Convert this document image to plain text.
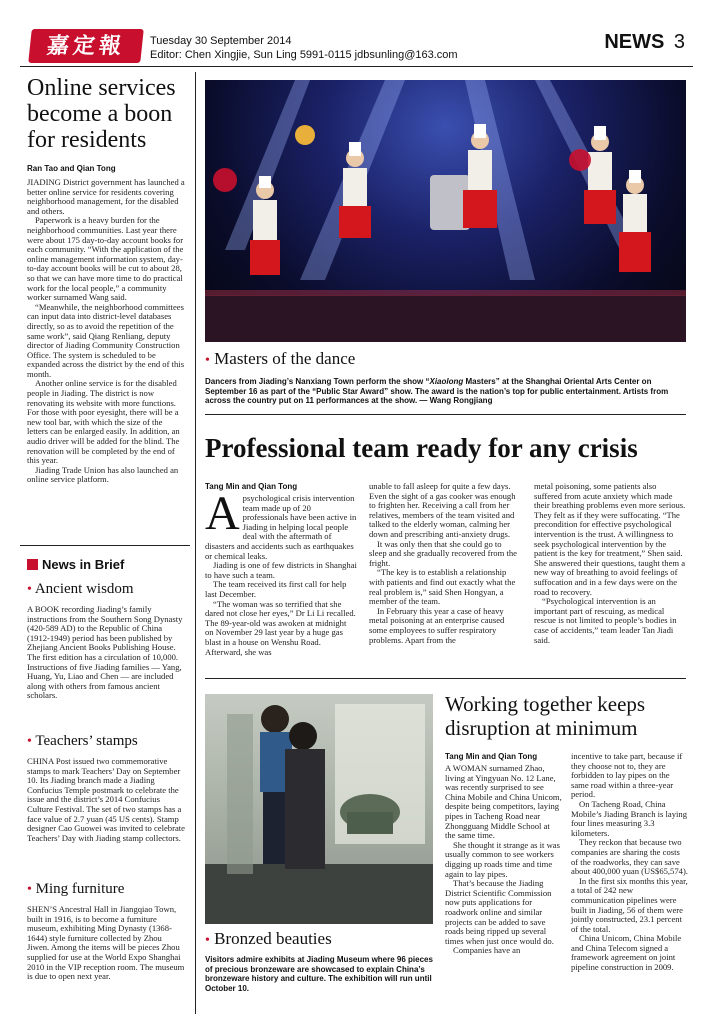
嘉定報	Tuesday 30 September 2014
Editor: Chen Xingjie, Sun Ling 5991-0115 jdbsunling@163.com
NEWS 3
Online services become a boon for residents
Ran Tao and Qian Tong

JIADING District government has launched a better online service for residents covering neighborhood management, for the disabled and others.

Paperwork is a heavy burden for the neighborhood communities. Last year there were about 175 day-to-day account books for each community. “With the application of the online management information system, day-to-day account books will be cut to about 28, so that we can have more time to do practical work for the local people,” a community worker surnamed Wang said.

“Meanwhile, the neighborhood committees can input data into district-level databases directly, so as to avoid the repetition of the same work”, said Qiang Renliang, deputy director of Jiading Community Construction Office. The system is scheduled to be expanded across the district by the end of this month.

Another online service is for the disabled people in Jiading. The district is now renovating its website with more functions. For those with poor eyesight, there will be a new tool bar, with which the size of the letters can be enlarged easily. In addition, an audio driver will be added for the blind. The renovation will be completed by the end of this year.

Jiading Trade Union has also launched an online service platform.

News in Brief
• Ancient wisdom
A BOOK recording Jiading’s family instructions from the Southern Song Dynasty (420-589 AD) to the Republic of China (1912-1949) period has been published by Zhejiang Ancient Books Publishing House. The first edition has a circulation of 10,000. Instructions of five Jiading families — Yang, Huang, Yu, Liao and Chen — are included along with others from famous ancient scholars.
• Teachers’ stamps
CHINA Post issued two commemorative stamps to mark Teachers’ Day on September 10. Its Jiading branch made a Jiading Confucius Temple postmark to celebrate the issue and the district’s 2014 Confucius Culture Festival. The set of two stamps has a face value of 2.7 yuan (45 US cents). Stamp designer Cao Guowei was invited to celebrate Teachers’ Day with Jiading stamp collectors.
• Ming furniture
SHEN’S Ancestral Hall in Jiangqiao Town, built in 1916, is to become a furniture museum, exhibiting Ming Dynasty (1368-1644) style furniture collected by Zhou Jiwen. Among the items will be pieces Zhou supplied for use at the World Expo Shanghai 2010 in the VIP reception room. The museum is due to open next year.
• Masters of the dance
Dancers from Jiading’s Nanxiang Town perform the show “Xiaolong Masters” at the Shanghai Oriental Arts Center on September 16 as part of the “Public Star Award” show. The award is the nation’s top for public entertainment. Artists from across the country put on 11 performances at the show. — Wang Rongjiang
Professional team ready for any crisis
Tang Min and Qian Tong

A psychological crisis intervention team made up of 20 professionals have been active in Jiading in helping local people deal with the aftermath of disasters and accidents such as earthquakes or chemical leaks.

Jiading is one of few districts in Shanghai to have such a team.

The team received its first call for help last December.

“The woman was so terrified that she dared not close her eyes,” Dr Li Li recalled. The 89-year-old was awoken at midnight on November 29 last year by a huge gas blast in a house on Wenshu Road. Afterward, she was

unable to fall asleep for quite a few days. Even the sight of a gas cooker was enough to frighten her. Receiving a call from her relatives, members of the team visited and talked to the elderly woman, calming her down and prescribing anti-anxiety drugs.

It was only then that she could go to sleep and she gradually recovered from the fright.

“The key is to establish a relationship with patients and find out exactly what the real problem is,” said Shen Hongyan, a member of the team.

In February this year a case of heavy metal poisoning at an enterprise caused some employees to suffer respiratory problems. Apart from the

metal poisoning, some patients also suffered from acute anxiety which made their breathing problems even more serious. They felt as if they were suffocating. “The precondition for effective psychological intervention is the trust. A willingness to seek psychological intervention by the patient is the key for treatment,” Shen said. She answered their questions, taught them a new way of breathing to avoid feelings of suffocation and in a few days were on the road to recovery.

“Psychological intervention is an important part of rescuing, as medical rescue is not limited to people’s bodies in case of accidents,” team leader Tan Jiadi said.

• Bronzed beauties
Visitors admire exhibits at Jiading Museum where 96 pieces of precious bronzeware are showcased to explain China’s bronzeware history and culture. The exhibition will run until October 10.
Working together keeps disruption at minimum
Tang Min and Qian Tong

A WOMAN surnamed Zhao, living at Yingyuan No. 12 Lane, was recently surprised to see China Mobile and China Unicom, despite being competitors, laying pipes in Tacheng Road near Zhongguang Middle School at the same time.

She thought it strange as it was usually common to see workers digging up roads time and time again to lay pipes.

That’s because the Jiading District Scientific Commission now puts applications for roadwork online and similar projects can be added to save roads being ripped up several times when just once would do.

Companies have an

incentive to take part, because if they choose not to, they are forbidden to lay pipes on the same road within a three-year period.

On Tacheng Road, China Mobile’s Jiading Branch is laying four lines measuring 3.3 kilometers.

They reckon that because two companies are sharing the costs of the roadworks, they can save about 400,000 yuan (US$65,574).

In the first six months this year, a total of 242 new communication pipelines were built in Jiading, 56 of them were jointly constructed, 23.1 percent of the total.

China Unicom, China Mobile and China Telecom signed a framework agreement on joint pipeline construction in 2009.
